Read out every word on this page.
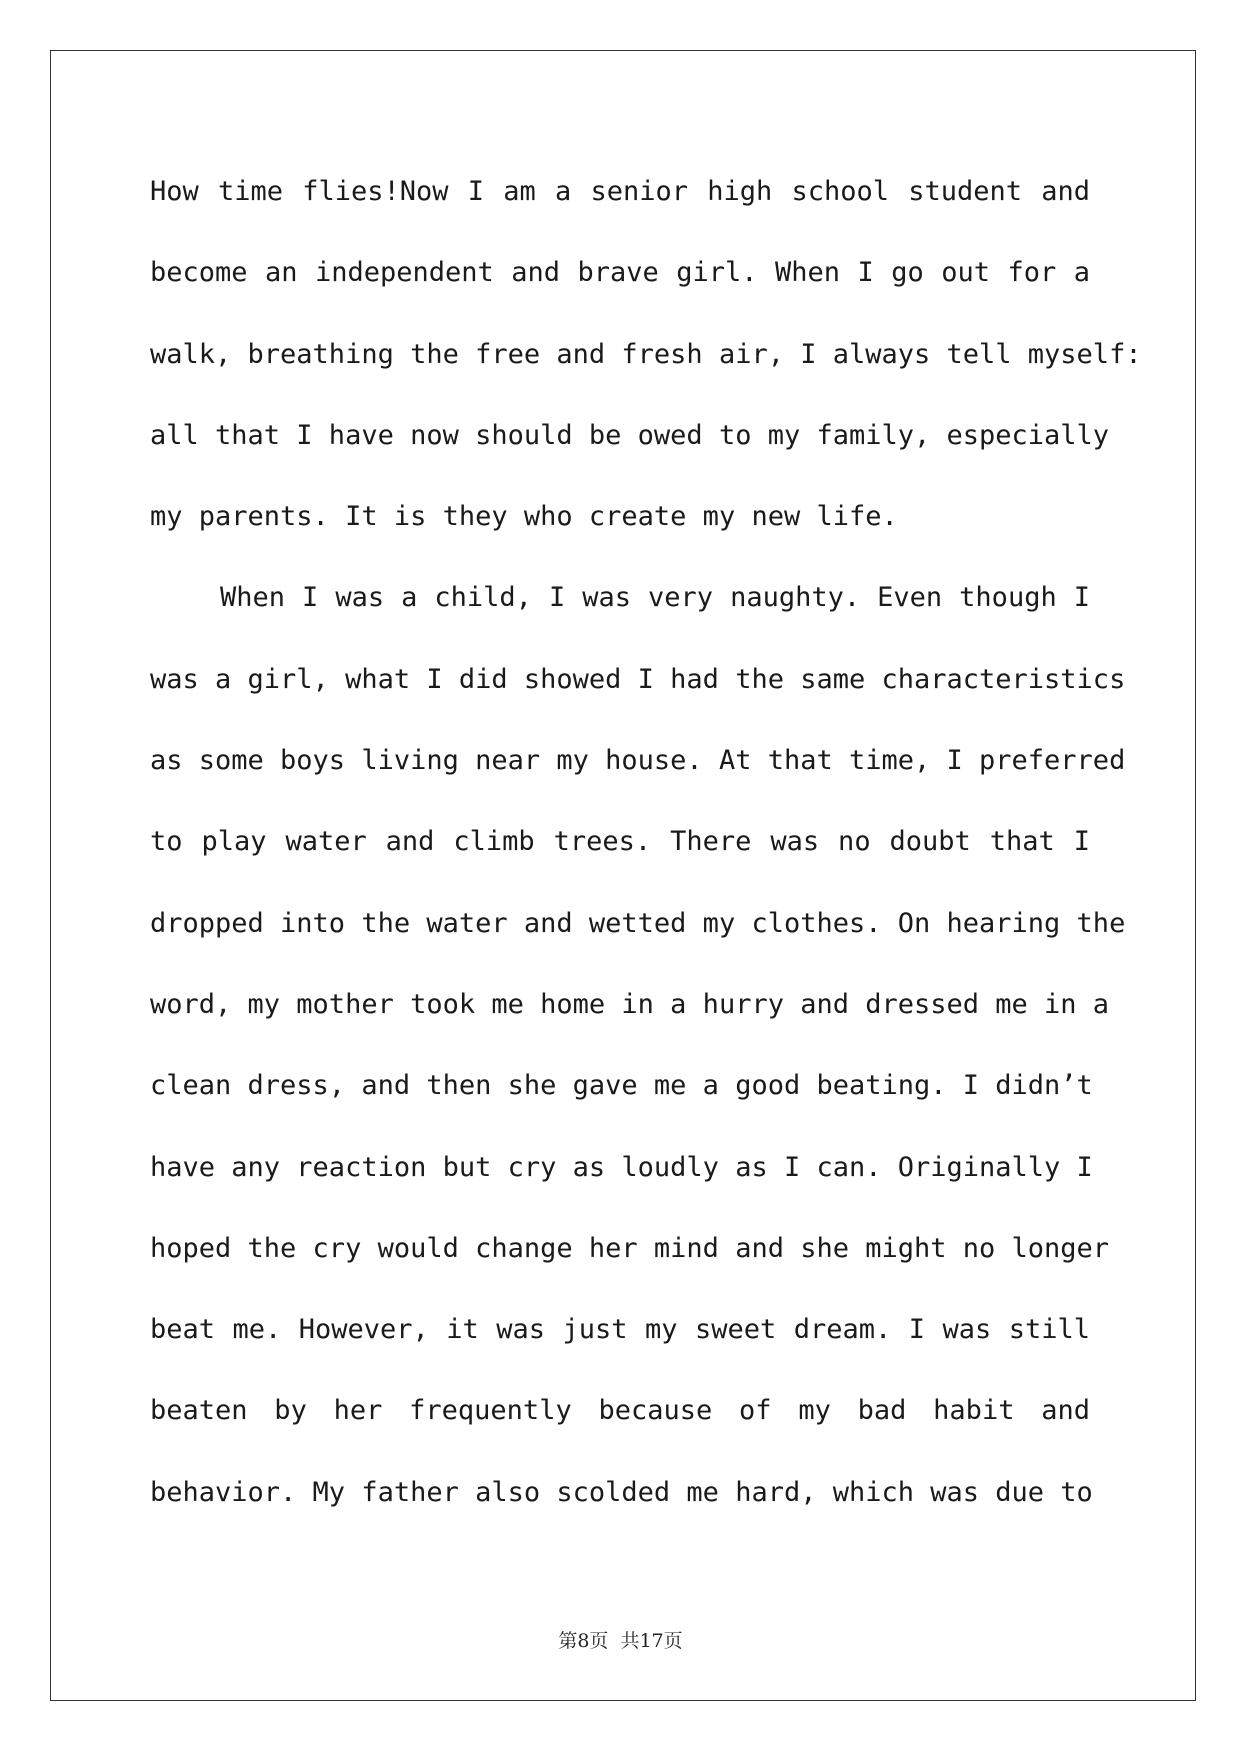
How time flies!Now I am a senior high school student and
become an independent and brave girl. When I go out for a
walk, breathing the free and fresh air, I always tell myself:
all that I have now should be owed to my family, especially
my parents. It is they who create my new life.
When I was a child, I was very naughty. Even though I
was a girl, what I did showed I had the same characteristics
as some boys living near my house. At that time, I preferred
to play water and climb trees. There was no doubt that I
dropped into the water and wetted my clothes. On hearing the
word, my mother took me home in a hurry and dressed me in a
clean dress, and then she gave me a good beating. I didn’t
have any reaction but cry as loudly as I can. Originally I
hoped the cry would change her mind and she might no longer
beat me. However, it was just my sweet dream. I was still
beaten by her frequently because of my bad habit and
behavior. My father also scolded me hard, which was due to
第8页 共17页
